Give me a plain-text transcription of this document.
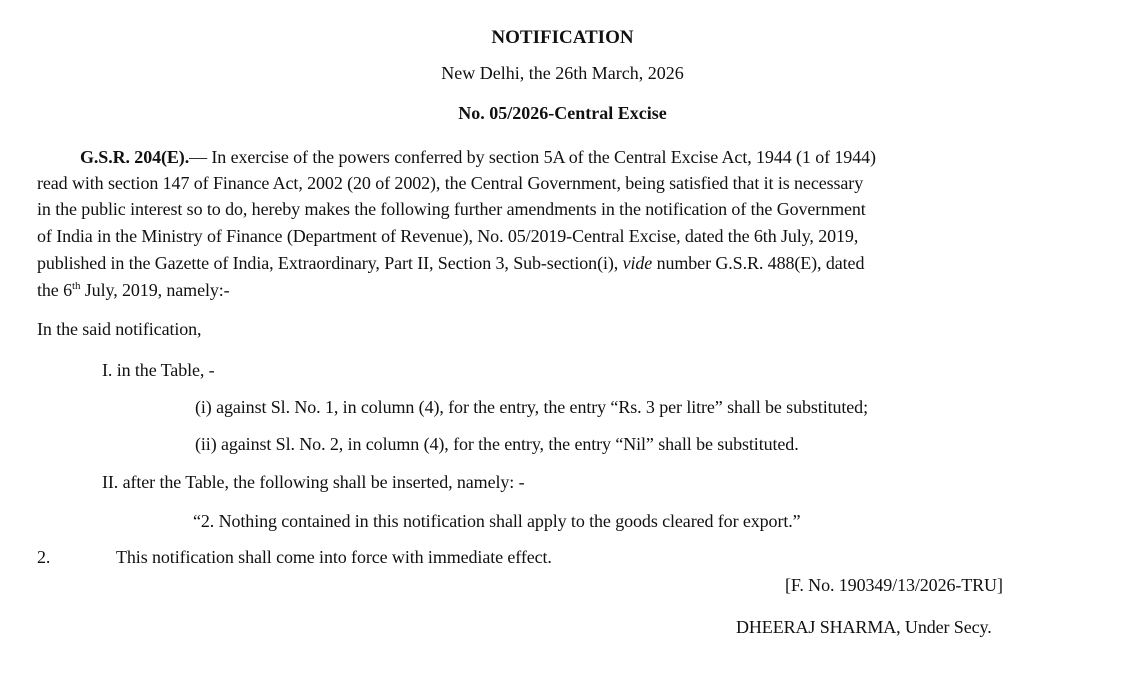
NOTIFICATION
New Delhi, the 26th March, 2026
No. 05/2026-Central Excise
G.S.R. 204(E).— In exercise of the powers conferred by section 5A of the Central Excise Act, 1944 (1 of 1944)
read with section 147 of Finance Act, 2002 (20 of 2002), the Central Government, being satisfied that it is necessary
in the public interest so to do, hereby makes the following further amendments in the notification of the Government
of India in the Ministry of Finance (Department of Revenue), No. 05/2019-Central Excise, dated the 6th July, 2019,
published in the Gazette of India, Extraordinary, Part II, Section 3, Sub-section(i), vide number G.S.R. 488(E), dated
the 6th July, 2019, namely:-
In the said notification,
I. in the Table, -
(i) against Sl. No. 1, in column (4), for the entry, the entry “Rs. 3 per litre” shall be substituted;
(ii) against Sl. No. 2, in column (4), for the entry, the entry “Nil” shall be substituted.
II. after the Table, the following shall be inserted, namely: -
“2. Nothing contained in this notification shall apply to the goods cleared for export.”
2.	This notification shall come into force with immediate effect.
[F. No. 190349/13/2026-TRU]
DHEERAJ SHARMA, Under Secy.
